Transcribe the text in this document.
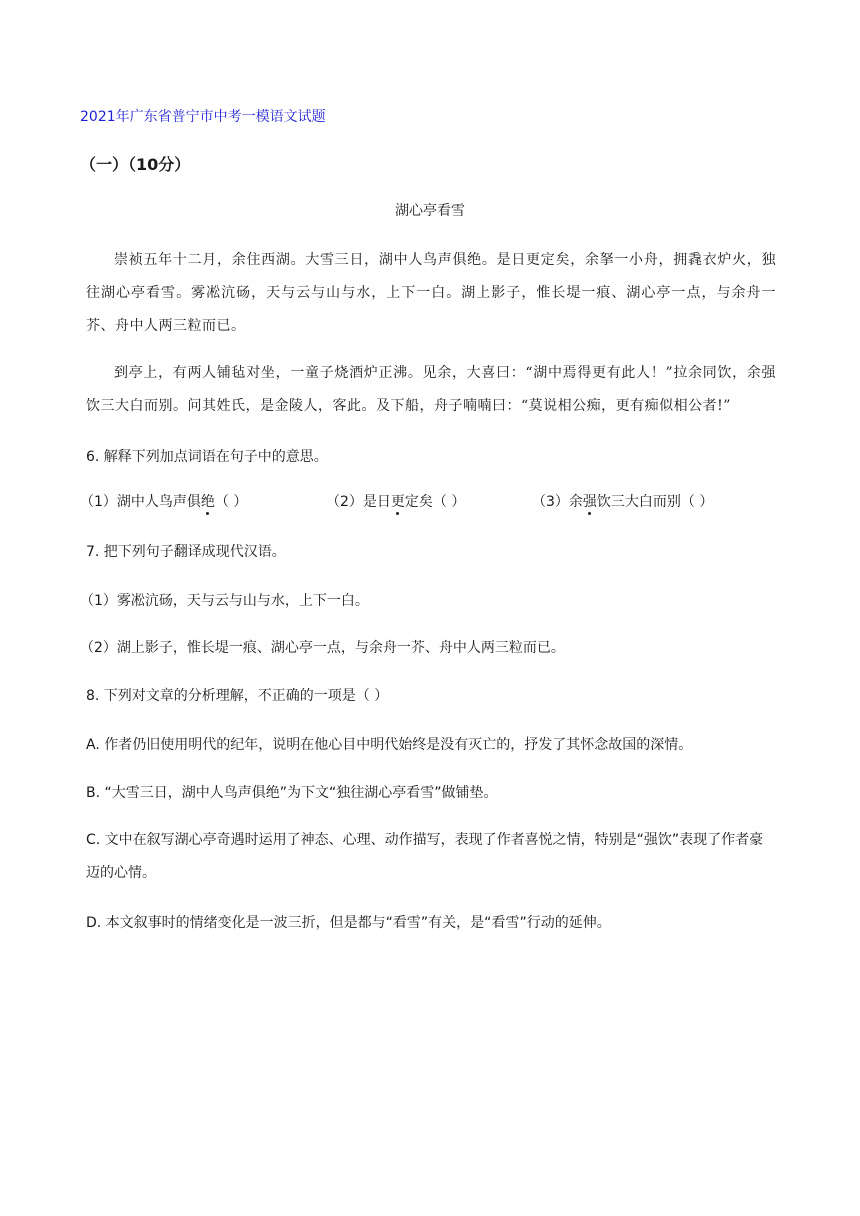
2021年广东省普宁市中考一模语文试题
（一）（10分）
湖心亭看雪
崇祯五年十二月，余住西湖。大雪三日，湖中人鸟声俱绝。是日更定矣，余拏一小舟，拥毳衣炉火，独往湖心亭看雪。雾凇沆砀，天与云与山与水，上下一白。湖上影子，惟长堤一痕、湖心亭一点，与余舟一芥、舟中人两三粒而已。
到亭上，有两人铺毡对坐，一童子烧酒炉正沸。见余，大喜曰：“湖中焉得更有此人！”拉余同饮，余强饮三大白而别。问其姓氏，是金陵人，客此。及下船，舟子喃喃曰：“莫说相公痴，更有痴似相公者!”
6. 解释下列加点词语在句子中的意思。
（1）湖中人鸟声俱绝（ ）	（2）是日更定矣（ ）	（3）余强饮三大白而别（ ）
7. 把下列句子翻译成现代汉语。
（1）雾凇沆砀，天与云与山与水，上下一白。
（2）湖上影子，惟长堤一痕、湖心亭一点，与余舟一芥、舟中人两三粒而已。
8. 下列对文章的分析理解，不正确的一项是（ ）
A. 作者仍旧使用明代的纪年，说明在他心目中明代始终是没有灭亡的，抒发了其怀念故国的深情。
B. “大雪三日，湖中人鸟声俱绝”为下文“独往湖心亭看雪”做铺垫。
C. 文中在叙写湖心亭奇遇时运用了神态、心理、动作描写，表现了作者喜悦之情，特别是“强饮”表现了作者豪迈的心情。
D. 本文叙事时的情绪变化是一波三折，但是都与“看雪”有关，是“看雪”行动的延伸。
